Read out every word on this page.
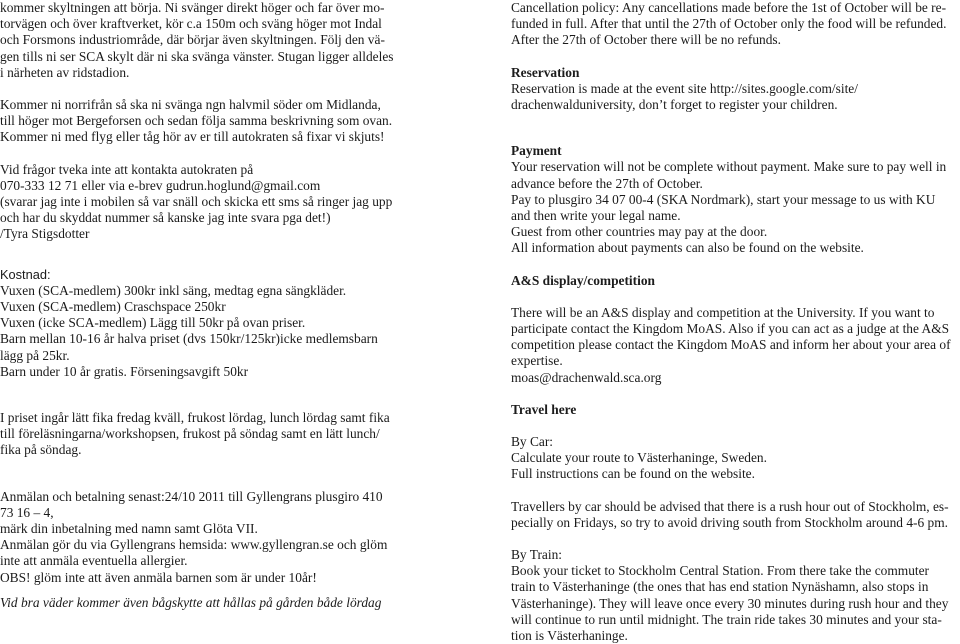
kommer skyltningen att börja. Ni svänger direkt höger och far över mo-

torvägen och över kraftverket, kör c.a 150m och sväng höger mot Indal

och Forsmons industriområde, där börjar även skyltningen. Följ den vä-

gen tills ni ser SCA skylt där ni ska svänga vänster. Stugan ligger alldeles

i närheten av ridstadion.

Kommer ni norrifrån så ska ni svänga ngn halvmil söder om Midlanda,

till höger mot Bergeforsen och sedan följa samma beskrivning som ovan.

Kommer ni med flyg eller tåg hör av er till autokraten så fixar vi skjuts!

Vid frågor tveka inte att kontakta autokraten på

070-333 12 71 eller via e-brev gudrun.hoglund@gmail.com

(svarar jag inte i mobilen så var snäll och skicka ett sms så ringer jag upp

och har du skyddat nummer så kanske jag inte svara pga det!)

/Tyra Stigsdotter

Kostnad:

Vuxen (SCA-medlem) 300kr inkl säng, medtag egna sängkläder.

Vuxen (SCA-medlem) Craschspace 250kr

Vuxen (icke SCA-medlem) Lägg till 50kr på ovan priser.

Barn mellan 10-16 år halva priset (dvs 150kr/125kr)icke medlemsbarn

lägg på 25kr.

Barn under 10 år gratis. Förseningsavgift 50kr

I priset ingår lätt fika fredag kväll, frukost lördag, lunch lördag samt fika

till föreläsningarna/workshopsen, frukost på söndag samt en lätt lunch/

fika på söndag.

Anmälan och betalning senast:24/10 2011 till Gyllengrans plusgiro 410

73 16 – 4,

märk din inbetalning med namn samt Glöta VII.

Anmälan gör du via Gyllengrans hemsida: www.gyllengran.se och glöm

inte att anmäla eventuella allergier.

OBS! glöm inte att även anmäla barnen som är under 10år!

Vid bra väder kommer även bågskytte att hållas på gården både lördag

Cancellation policy: Any cancellations made before the 1st of October will be re-

funded in full. After that until the 27th of October only the food will be refunded.

After the 27th of October there will be no refunds.

Reservation

Reservation is made at the event site http://sites.google.com/site/

drachenwalduniversity, don’t forget to register your children.

Payment

Your reservation will not be complete without payment. Make sure to pay well in

advance before the 27th of October.

Pay to plusgiro 34 07 00-4 (SKA Nordmark), start your message to us with KU

and then write your legal name.

Guest from other countries may pay at the door.

All information about payments can also be found on the website.

A&S display/competition

There will be an A&S display and competition at the University. If you want to

participate contact the Kingdom MoAS. Also if you can act as a judge at the A&S

competition please contact the Kingdom MoAS and inform her about your area of

expertise.

moas@drachenwald.sca.org

Travel here

By Car:

Calculate your route to Västerhaninge, Sweden.

Full instructions can be found on the website.

Travellers by car should be advised that there is a rush hour out of Stockholm, es-

pecially on Fridays, so try to avoid driving south from Stockholm around 4-6 pm.

By Train:

Book your ticket to Stockholm Central Station. From there take the commuter

train to Västerhaninge (the ones that has end station Nynäshamn, also stops in

Västerhaninge). They will leave once every 30 minutes during rush hour and they

will continue to run until midnight. The train ride takes 30 minutes and your sta-

tion is Västerhaninge.
